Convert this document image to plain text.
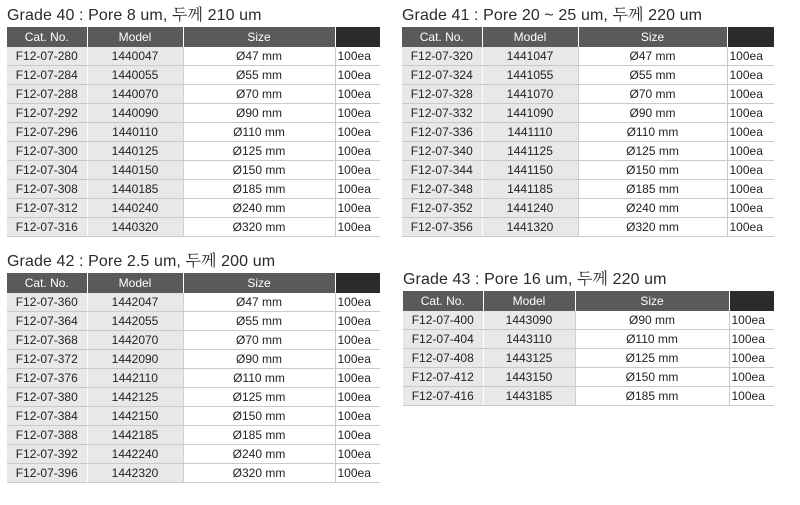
Grade 40 : Pore 8 um, 두께 210 um
Cat. No.	Model	Size	
F12-07-280	1440047	Ø47 mm	100ea
F12-07-284	1440055	Ø55 mm	100ea
F12-07-288	1440070	Ø70 mm	100ea
F12-07-292	1440090	Ø90 mm	100ea
F12-07-296	1440110	Ø110 mm	100ea
F12-07-300	1440125	Ø125 mm	100ea
F12-07-304	1440150	Ø150 mm	100ea
F12-07-308	1440185	Ø185 mm	100ea
F12-07-312	1440240	Ø240 mm	100ea
F12-07-316	1440320	Ø320 mm	100ea
Grade 41 : Pore 20 ~ 25 um, 두께 220 um
Cat. No.	Model	Size	
F12-07-320	1441047	Ø47 mm	100ea
F12-07-324	1441055	Ø55 mm	100ea
F12-07-328	1441070	Ø70 mm	100ea
F12-07-332	1441090	Ø90 mm	100ea
F12-07-336	1441110	Ø110 mm	100ea
F12-07-340	1441125	Ø125 mm	100ea
F12-07-344	1441150	Ø150 mm	100ea
F12-07-348	1441185	Ø185 mm	100ea
F12-07-352	1441240	Ø240 mm	100ea
F12-07-356	1441320	Ø320 mm	100ea
Grade 42 : Pore 2.5 um, 두께 200 um
Cat. No.	Model	Size	
F12-07-360	1442047	Ø47 mm	100ea
F12-07-364	1442055	Ø55 mm	100ea
F12-07-368	1442070	Ø70 mm	100ea
F12-07-372	1442090	Ø90 mm	100ea
F12-07-376	1442110	Ø110 mm	100ea
F12-07-380	1442125	Ø125 mm	100ea
F12-07-384	1442150	Ø150 mm	100ea
F12-07-388	1442185	Ø185 mm	100ea
F12-07-392	1442240	Ø240 mm	100ea
F12-07-396	1442320	Ø320 mm	100ea
Grade 43 : Pore 16 um, 두께 220 um
Cat. No.	Model	Size	
F12-07-400	1443090	Ø90 mm	100ea
F12-07-404	1443110	Ø110 mm	100ea
F12-07-408	1443125	Ø125 mm	100ea
F12-07-412	1443150	Ø150 mm	100ea
F12-07-416	1443185	Ø185 mm	100ea
